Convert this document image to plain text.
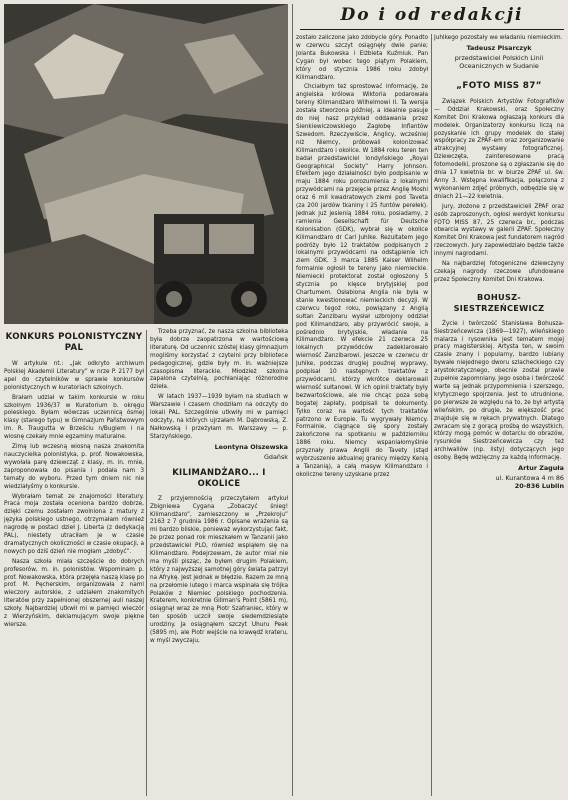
KONKURS POLONISTYCZNY PAL

W artykule nt.: „Jak odkryto archiwum Polskiej Akademii Literatury” w nrze P. 2177 był apel do czytelników w sprawie konkursów polonistycznych w kuratoriach szkolnych.

Brałam udział w takim konkursie w roku szkolnym 1936/37 w Kuratorium b. okręgu poleskiego. Byłam wówczas uczennicą ósmej klasy (starego typu) w Gimnazjum Państwowym im. R. Traugutta w Brześciu n/Bugiem i na wiosnę czekały mnie egzaminy maturalne.

Zimą lub wczesną wiosną nasza znakomita nauczycielka polonistyka, p. prof. Nowakowska, wywołała parę dziewcząt z klasy, m. in. mnie, zaproponowała do pisania i podała nam 3 tematy do wyboru. Przed tym dniem nic nie wiedziałyśmy o konkursie.

Wybrałam temat ze znajomości literatury. Praca moja została oceniona bardzo dobrze, dzięki czemu zostałam zwolniona z matury z języka polskiego ustnego, otrzymałam również nagrodę w postaci dzieł J. Liberta (z dedykacją PAL), niestety utraciłam je w czasie dramatycznych okoliczności w czasie okupacji, a nowych po dziś dzień nie mogłam „zdobyć”.

Nasza szkoła miała szczęście do dobrych profesorów, m. in. polonistów. Wspominam p. prof. Nowakowska, która przejęła naszą klasę po prof. M. Pęcherskim, organizowała z nami wieczory autorskie, z udziałem znakomitych literatów przy zapełnionej obszernej auli naszej szkoły. Najbardziej utkwił mi w pamięci wieczór z Wierzyńskim, deklamującym swoje piękne wiersze.

Trzeba przyznać, że nasza szkolna biblioteka była dobrze zaopatrzona w wartościową literaturę. Od uczennic szóstej klasy gimnazjum mogliśmy korzystać z czytelni przy bibliotece pedagogicznej, gdzie były m. in. ważniejsze czasopisma literackie. Młodzież szkolna zapalona czytelnią, pochłaniając różnorodne dzieła.

W latach 1937—1939 byłam na studiach w Warszawie i czasem chodziłam na odczyty do lokali PAL. Szczególnie utkwiły mi w pamięci odczyty, na których ujrzałam M. Dąbrowską, Z. Nałkowską i przeżyłam m. Warszawy — p. Starzyńskiego.

Leontyna Olszewska
Gdańsk
KILIMANDŻARO... I OKOLICE

Z przyjemnością przeczytałem artykuł Zbigniewa Cygana „Zobaczyć śnieg! Kilimandżaro”, zamieszczony w „Przekroju” 2163 z 7 grudnia 1986 r. Opisane wrażenia są mi bardzo bliskie, ponieważ wykorzystując fakt, że przez ponad rok mieszkałem w Tanzanii jako przedstawiciel PLO, również wspiąłem się na Kilimandżaro. Podejrzewam, że autor miał nie ma myśli pisząc, że byłem drugim Polakiem, który z najwyższej samotnej góry świata patrzył na Afrykę. Jest jednak w błędzie. Razem ze mną na przełomie lutego i marca wspinała się trójka Polaków z Niemiec polskiego pochodzenia. Kraterem, konkretnie Gillman's Point (5861 m), osiągnął wraz ze mną Piotr Szafraniec, który w ten sposób uczcił swoje siedemdziesiąte urodziny. Ja osiągnąłem szczyt Uhuru Peak (5895 m), ale Piotr wejście na krawędź krateru, w myśl zwyczaju,

Do i od redakcji

zostało zaliczone jako zdobycie góry. Ponadto w czerwcu szczyt osiągnęły dwie panie; Jolanta Bukowska i Elżbieta Kuźmiuk. Pan Cygan był wobec tego piątym Polakiem, który od stycznia 1986 roku zdobył Kilimandżaro.

Chciałbym też sprostować informację, że angielska królowa Wiktoria podarowała tereny Kilimandżaro Wilhelmowi II. Ta wersja została stworzona później, a idealnie pasuje do niej nasz przykład oddawania przez Sienkiewiczowskiego Zagłobę Inflantów Szwedom. Rzeczywiście, Anglicy, wcześniej niż Niemcy, próbowali kolonizować Kilimandżaro i okolice. W 1884 roku teren ten badał przedstawiciel londyńskiego „Royal Geographical Society” Harry Johnson. Efektem jego działalności było podpisanie w maju 1884 roku porozumienia z lokalnymi przywódcami na przejęcie przez Anglię Moshi oraz 6 mil kwadratowych ziemi pod Taveta (za 200 jardów tkaniny i 25 funtów perełek). Jednak już jesienią 1884 roku, posiadamy, z ramienia Gesellschaft für Deutsche Kolonisation (GDK), wybrał się w okolice Kilimandżaro dr Carl Juhlke. Rezultatem jego podróży było 12 traktatów podpisanych z lokalnymi przywódcami na odstąpienie ich ziem GDK. 3 marca 1885 Kaiser Wilhelm formalnie ogłosił te tereny jako niemieckie. Niemiecki protektorat został ogłoszony 5 stycznia po klęsce brytyjskiej pod Chartumem. Osłabiona Anglia nie była w stanie kwestionować niemieckich decyzji. W czerwcu tegoż roku, powiązany z Anglią sułtan Zanzibaru wysłał uzbrojony oddział pod Kilimandżaro, aby przywrócić swoje, a pośrednio brytyjskie, władanie na Kilimandżaro. W efekcie 21 czerwca 25 lokalnych przywódców zadeklarowało wierność Zanzibarowi. Jeszcze w czerwcu dr Juhlke, podczas drugiej pouźnej wyprawy, podpisał 10 następnych traktatów z przywódcami, którzy wkrótce deklarowali wierność sułtanowi. W ich opinii traktaty były bezwartościowe, ale nie chcąc poza sobą bogatej zapłaty, podpisali te dokumenty. Tylko coraz na wartość tych traktatów patrzono w Europie. Tu wygrywały Niemcy. Formalnie, ciągnące się spory zostały zakończone na spotkaniu w październiku 1886 roku. Niemcy wspaniałomyślnie przyznały prawa Anglii do Tavety (stąd wybrzuszenie aktualnej granicy między Kenią a Tanzanią), a całą masyw Kilimandżaro i okoliczne tereny uzyskane przez

Juhlkego pozostały we władaniu niemieckim.

Tadeusz Pisarczyk
przedstawiciel Polskich Linii Oceanicznych w Sudanie
„FOTO MISS 87”

Związek Polskich Artystów Fotografików — Oddział Krakowski, oraz Społeczny Komitet Dni Krakowa ogłaszają konkurs dla modelek. Organizatorzy konkursu liczą na pozyskanie ich grupy modelek do stałej współpracy ze ZPAF-em oraz zorganizowanie atrakcyjnej wystawy fotograficznej. Dziewczęta, zainteresowane pracą fotomodelki, proszone są o zgłaszanie się do dnia 17 kwietnia br. w biurze ZPAF ul. św. Anny 3. Wstępna kwalifikacja, połączona z wykonaniem zdjęć próbnych, odbędzie się w dniach 21—22 kwietnia.

Jury, złożone z przedstawicieli ZPAF oraz osób zaproszonych, ogłosi werdykt konkursu FOTO MISS 87, 25 czerwca br., podczas otwarcia wystawy w galerii ZPAF. Społeczny Komitet Dni Krakowa jest fundatorem nagród rzeczowych. Jury zapowiedziało będzie także innymi nagrodami.

Na najbardziej fotogeniczne dziewczyny czekają nagrody rzeczowe ufundowane przez Społeczny Komitet Dni Krakowa.

BOHUSZ-SIESTRZEŃCEWICZ

Życie i twórczość Stanisława Bohusza-Siestrzeńcewicza (1869—1927), wileńskiego malarza i rysownika jest tematem mojej pracy magisterskiej. Artysta ten, w swoim czasie znany i popularny, bardzo lubiany bywałe niejednego dworu szlacheckiego czy arystokratycznego, obecnie został prawie zupełnie zapomniany. Jego osoba i twórczość warte są jednak przypomnienia i szerszego, krytycznego spojrzenia. Jest to utrudnione, po pierwsze ze względu na to, że był artystą wileńskim, po drugie, że większość prac znajduje się w rękach prywatnych. Dlatego zwracam się z gorącą prośbą do wszystkich, którzy mogą pomóc w dotarciu do obrazów, rysunków Siestrzeńcewicza czy też archiwaliów (np. listy) dotyczących jego osoby. Będę wdzięczny za każdą informację.

Artur Zaguła
ul. Kurantowa 4 m 86
20-836 Lublin
